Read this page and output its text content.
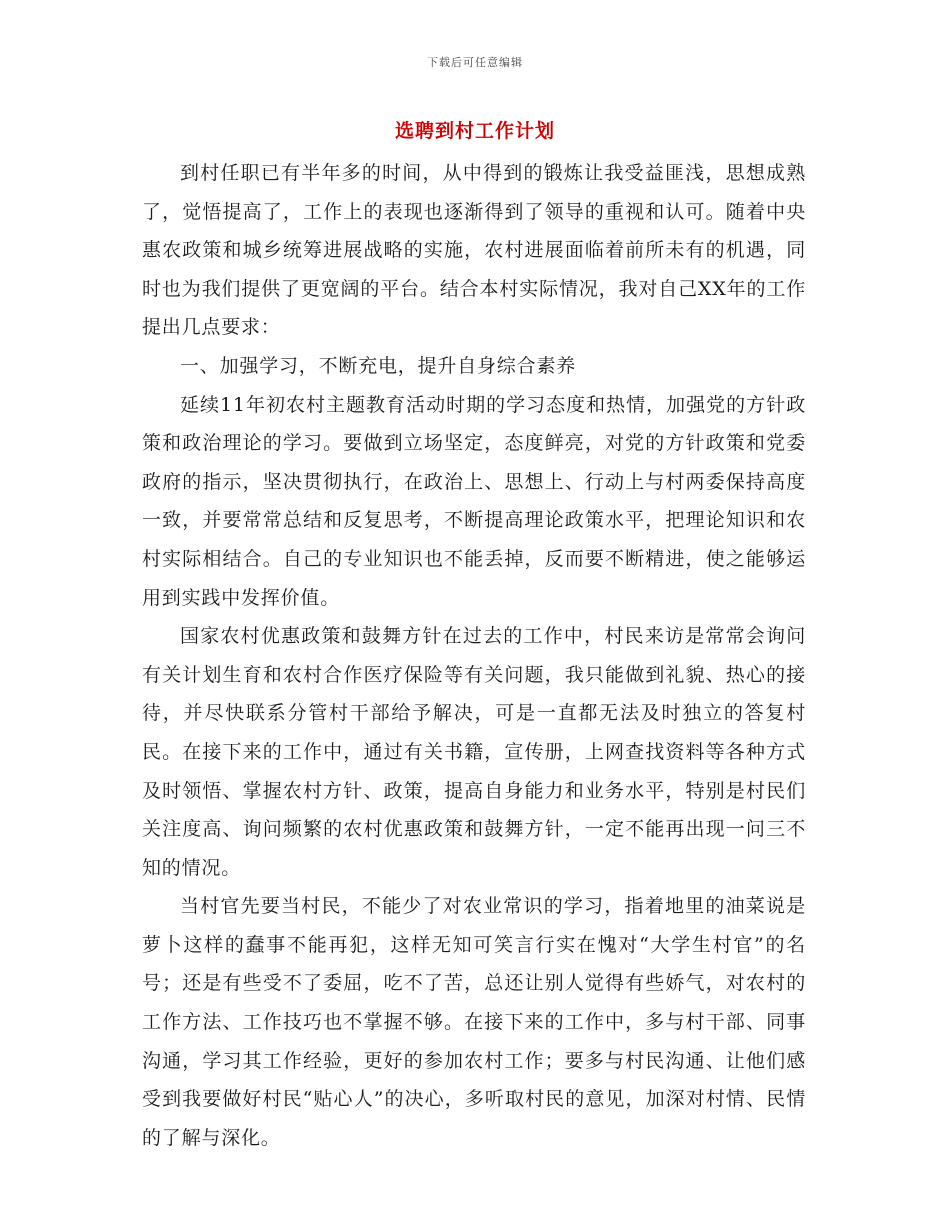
下载后可任意编辑
选聘到村工作计划

到村任职已有半年多的时间，从中得到的锻炼让我受益匪浅，思想成熟了，觉悟提高了，工作上的表现也逐渐得到了领导的重视和认可。随着中央惠农政策和城乡统筹进展战略的实施，农村进展面临着前所未有的机遇，同时也为我们提供了更宽阔的平台。结合本村实际情况，我对自己XX年的工作提出几点要求：

一、加强学习，不断充电，提升自身综合素养

延续11年初农村主题教育活动时期的学习态度和热情，加强党的方针政策和政治理论的学习。要做到立场坚定，态度鲜亮，对党的方针政策和党委政府的指示，坚决贯彻执行，在政治上、思想上、行动上与村两委保持高度一致，并要常常总结和反复思考，不断提高理论政策水平，把理论知识和农村实际相结合。自己的专业知识也不能丢掉，反而要不断精进，使之能够运用到实践中发挥价值。

国家农村优惠政策和鼓舞方针在过去的工作中，村民来访是常常会询问有关计划生育和农村合作医疗保险等有关问题，我只能做到礼貌、热心的接待，并尽快联系分管村干部给予解决，可是一直都无法及时独立的答复村民。在接下来的工作中，通过有关书籍，宣传册，上网查找资料等各种方式及时领悟、掌握农村方针、政策，提高自身能力和业务水平，特别是村民们关注度高、询问频繁的农村优惠政策和鼓舞方针，一定不能再出现一问三不知的情况。

当村官先要当村民，不能少了对农业常识的学习，指着地里的油菜说是萝卜这样的蠢事不能再犯，这样无知可笑言行实在愧对“大学生村官”的名号；还是有些受不了委屈，吃不了苦，总还让别人觉得有些娇气，对农村的工作方法、工作技巧也不掌握不够。在接下来的工作中，多与村干部、同事沟通，学习其工作经验，更好的参加农村工作；要多与村民沟通、让他们感受到我要做好村民“贴心人”的决心，多听取村民的意见，加深对村情、民情的了解与深化。
